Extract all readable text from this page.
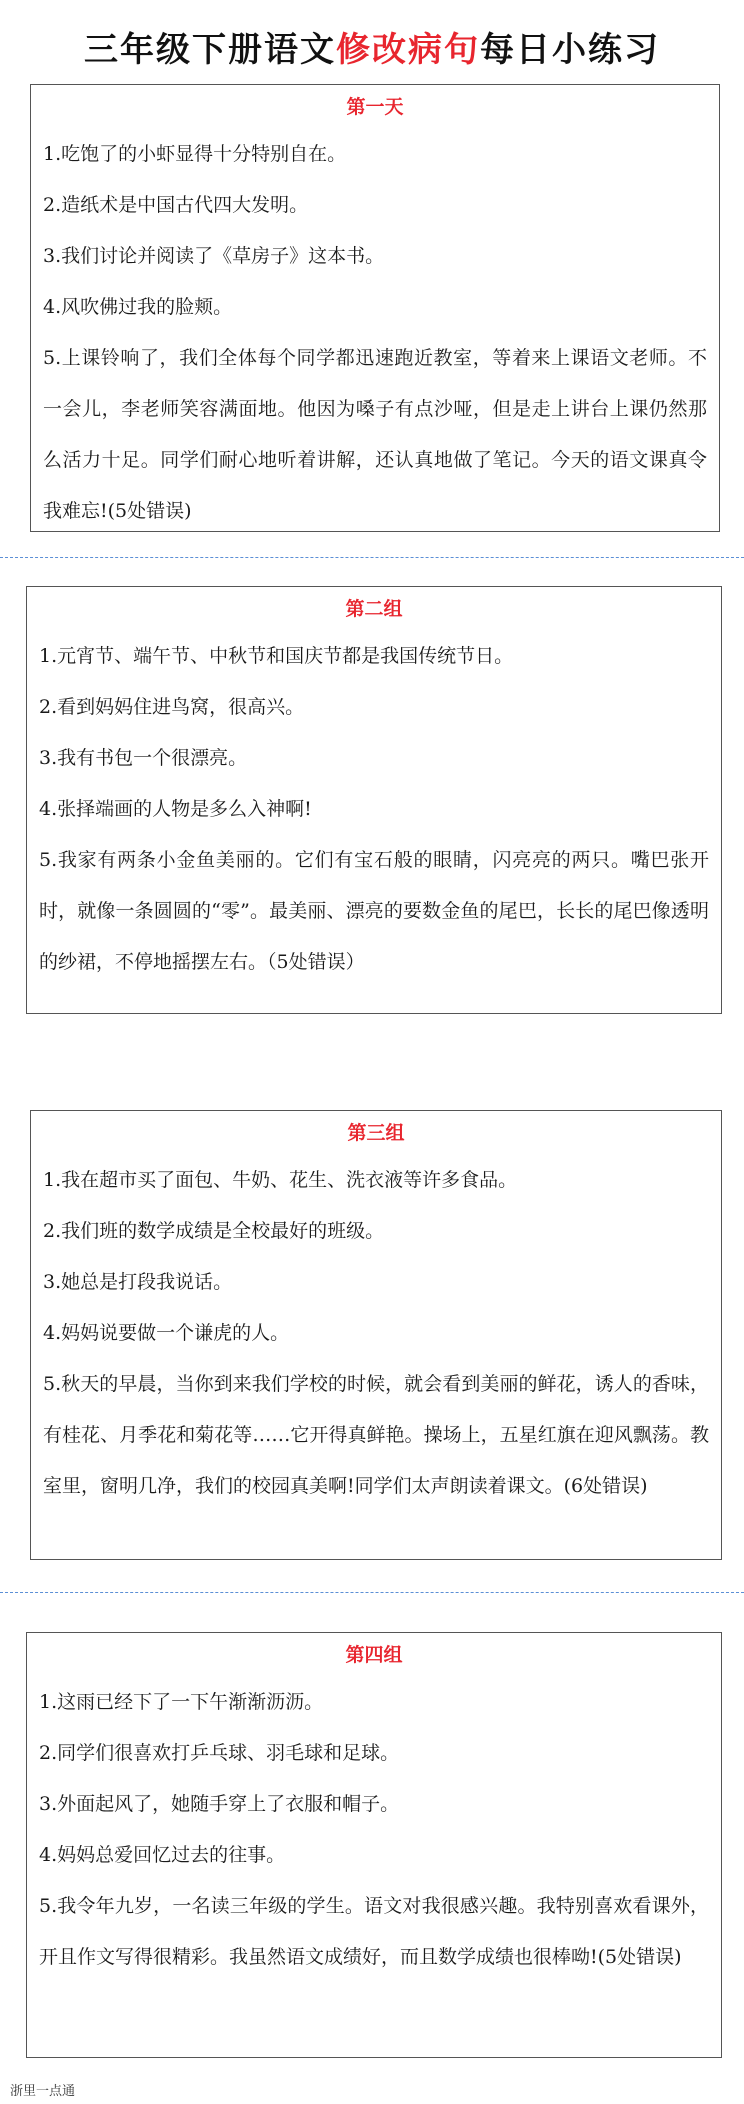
三年级下册语文修改病句每日小练习
第一天
1.吃饱了的小虾显得十分特别自在。
2.造纸术是中国古代四大发明。
3.我们讨论并阅读了《草房子》这本书。
4.风吹佛过我的脸颊。
5.上课铃响了，我们全体每个同学都迅速跑近教室，等着来上课语文老师。不一会儿，李老师笑容满面地。他因为嗓子有点沙哑，但是走上讲台上课仍然那么活力十足。同学们耐心地听着讲解，还认真地做了笔记。今天的语文课真令我难忘!(5处错误)
第二组
1.元宵节、端午节、中秋节和国庆节都是我国传统节日。
2.看到妈妈住进鸟窝，很高兴。
3.我有书包一个很漂亮。
4.张择端画的人物是多么入神啊!
5.我家有两条小金鱼美丽的。它们有宝石般的眼睛，闪亮亮的两只。嘴巴张开时，就像一条圆圆的“零”。最美丽、漂亮的要数金鱼的尾巴，长长的尾巴像透明的纱裙，不停地摇摆左右。（5处错误）
第三组
1.我在超市买了面包、牛奶、花生、洗衣液等许多食品。
2.我们班的数学成绩是全校最好的班级。
3.她总是打段我说话。
4.妈妈说要做一个谦虎的人。
5.秋天的早晨，当你到来我们学校的时候，就会看到美丽的鲜花，诱人的香味，有桂花、月季花和菊花等……它开得真鲜艳。操场上，五星红旗在迎风飘荡。教室里，窗明几净，我们的校园真美啊!同学们太声朗读着课文。(6处错误)
第四组
1.这雨已经下了一下午渐渐沥沥。
2.同学们很喜欢打乒乓球、羽毛球和足球。
3.外面起风了，她随手穿上了衣服和帽子。
4.妈妈总爱回忆过去的往事。
5.我令年九岁，一名读三年级的学生。语文对我很感兴趣。我特别喜欢看课外，开且作文写得很精彩。我虽然语文成绩好，而且数学成绩也很棒呦!(5处错误)
浙里一点通
